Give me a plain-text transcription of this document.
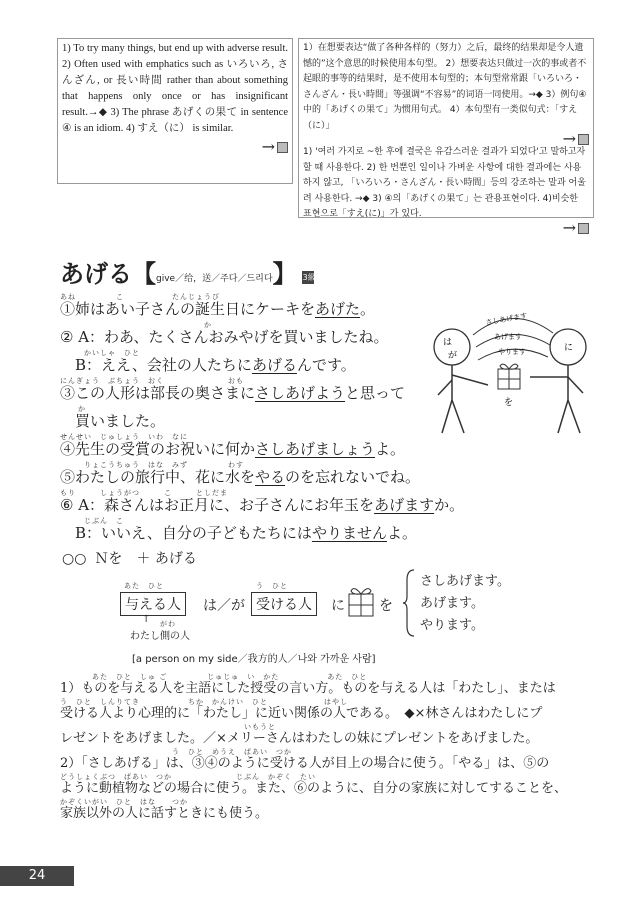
1) To try many things, but end up with adverse result. 2) Often used with emphatics such as いろいろ, さんざん, or 長い時間 rather than about something that happens only once or has insignificant result.→◆ 3) The phrase あげくの果て in sentence ④ is an idiom. 4) すえ（に） is similar.
→
1）在想要表达“做了各种各样的（努力）之后，最终的结果却是令人遗憾的”这个意思的时候使用本句型。 2）想要表达只做过一次的事或者不起眼的事等的结果时，是不使用本句型的；本句型常常跟「いろいろ・さんざん・長い時間」等强调“不容易”的词语一同使用。→◆ 3）例句④中的「あげくの果て」为惯用句式。 4）本句型有一类似句式：「すえ（に）」
→
1) '여러 가지로 ~한 후에 결국은 유감스러운 결과가 되었다'고 말하고자 할 때 사용한다. 2) 한 번뿐인 일이나 가벼운 사항에 대한 결과에는 사용하지 않고, 「いろいろ・さんざん・長い時間」등의 강조하는 말과 어울려 사용한다. →◆ 3) ④의「あげくの果て」는 관용표현이다. 4)비슷한 표현으로「すえ(に)」가 있다.
→
あげる【give／给，送／주다／드리다】 3級
あね　　　　　こ　　　　　　たんじょうび
①姉はあい子さんの誕生日にケーキをあげた。
　　　　　　　　　　　　　　　　　　か
② A：わあ、たくさんおみやげを買いましたね。
　　　かいしゃ　ひと
　B：ええ、会社の人たちにあげるんです。
にんぎょう　ぶちょう　おく　　　　　　　　おも
③この人形は部長の奥さまにさしあげようと思って
か
　買いました。
せんせい　じゅしょう　いわ　なに
④先生の受賞のお祝いに何かさしあげましょうよ。
　　　りょこうちゅう　はな　みず　　　　　わす
⑤わたしの旅行中、花に水をやるのを忘れないでね。
もり　　　しょうがつ　　　こ　　　としだま
⑥ A：森さんはお正月に、お子さんにお年玉をあげますか。
　　　じぶん　こ
　B：いいえ、自分の子どもたちにはやりませんよ。
は
が
に
を
さしあげます
あげます
やります
○○ Ｎを　＋ あげる
あた　ひと
与える人	は／が
う　ひと
受ける人	に を
さしあげます。
あげます。
やります。
↑ がわ
わたし側の人
[a person on my side／我方的人／나와 가까운 사람]
　　　　あた　ひと　しゅ ご　　　　　じゅじゅ　い　かた　　　　　　あた　ひと
1）ものを与える人を主語にした授受の言い方。ものを与える人は「わたし」、または
う　ひと　しんりてき　　　　　　ちか　かんけい　ひと　　　　　　　はやし
受ける人より心理的に「わたし」に近い関係の人である。　◆×林さんはわたしにプ
　　　　　　　　　　　　　　　　　　　　　　　いもうと
レゼントをあげました。／×メリーさんはわたしの妹にプレゼントをあげました。
　　　　　　　　　　　　　　う　ひと　めうえ　ばあい　つか
2）「さしあげる」は、③④のように受ける人が目上の場合に使う。「やる」は、⑤の
どうしょくぶつ　ばあい　つか　　　　　　　　じぶん　かぞく　たい
ように動植物などの場合に使う。また、⑥のように、自分の家族に対してすることを、
かぞくいがい　ひと　はな　　つか
家族以外の人に話すときにも使う。
24
